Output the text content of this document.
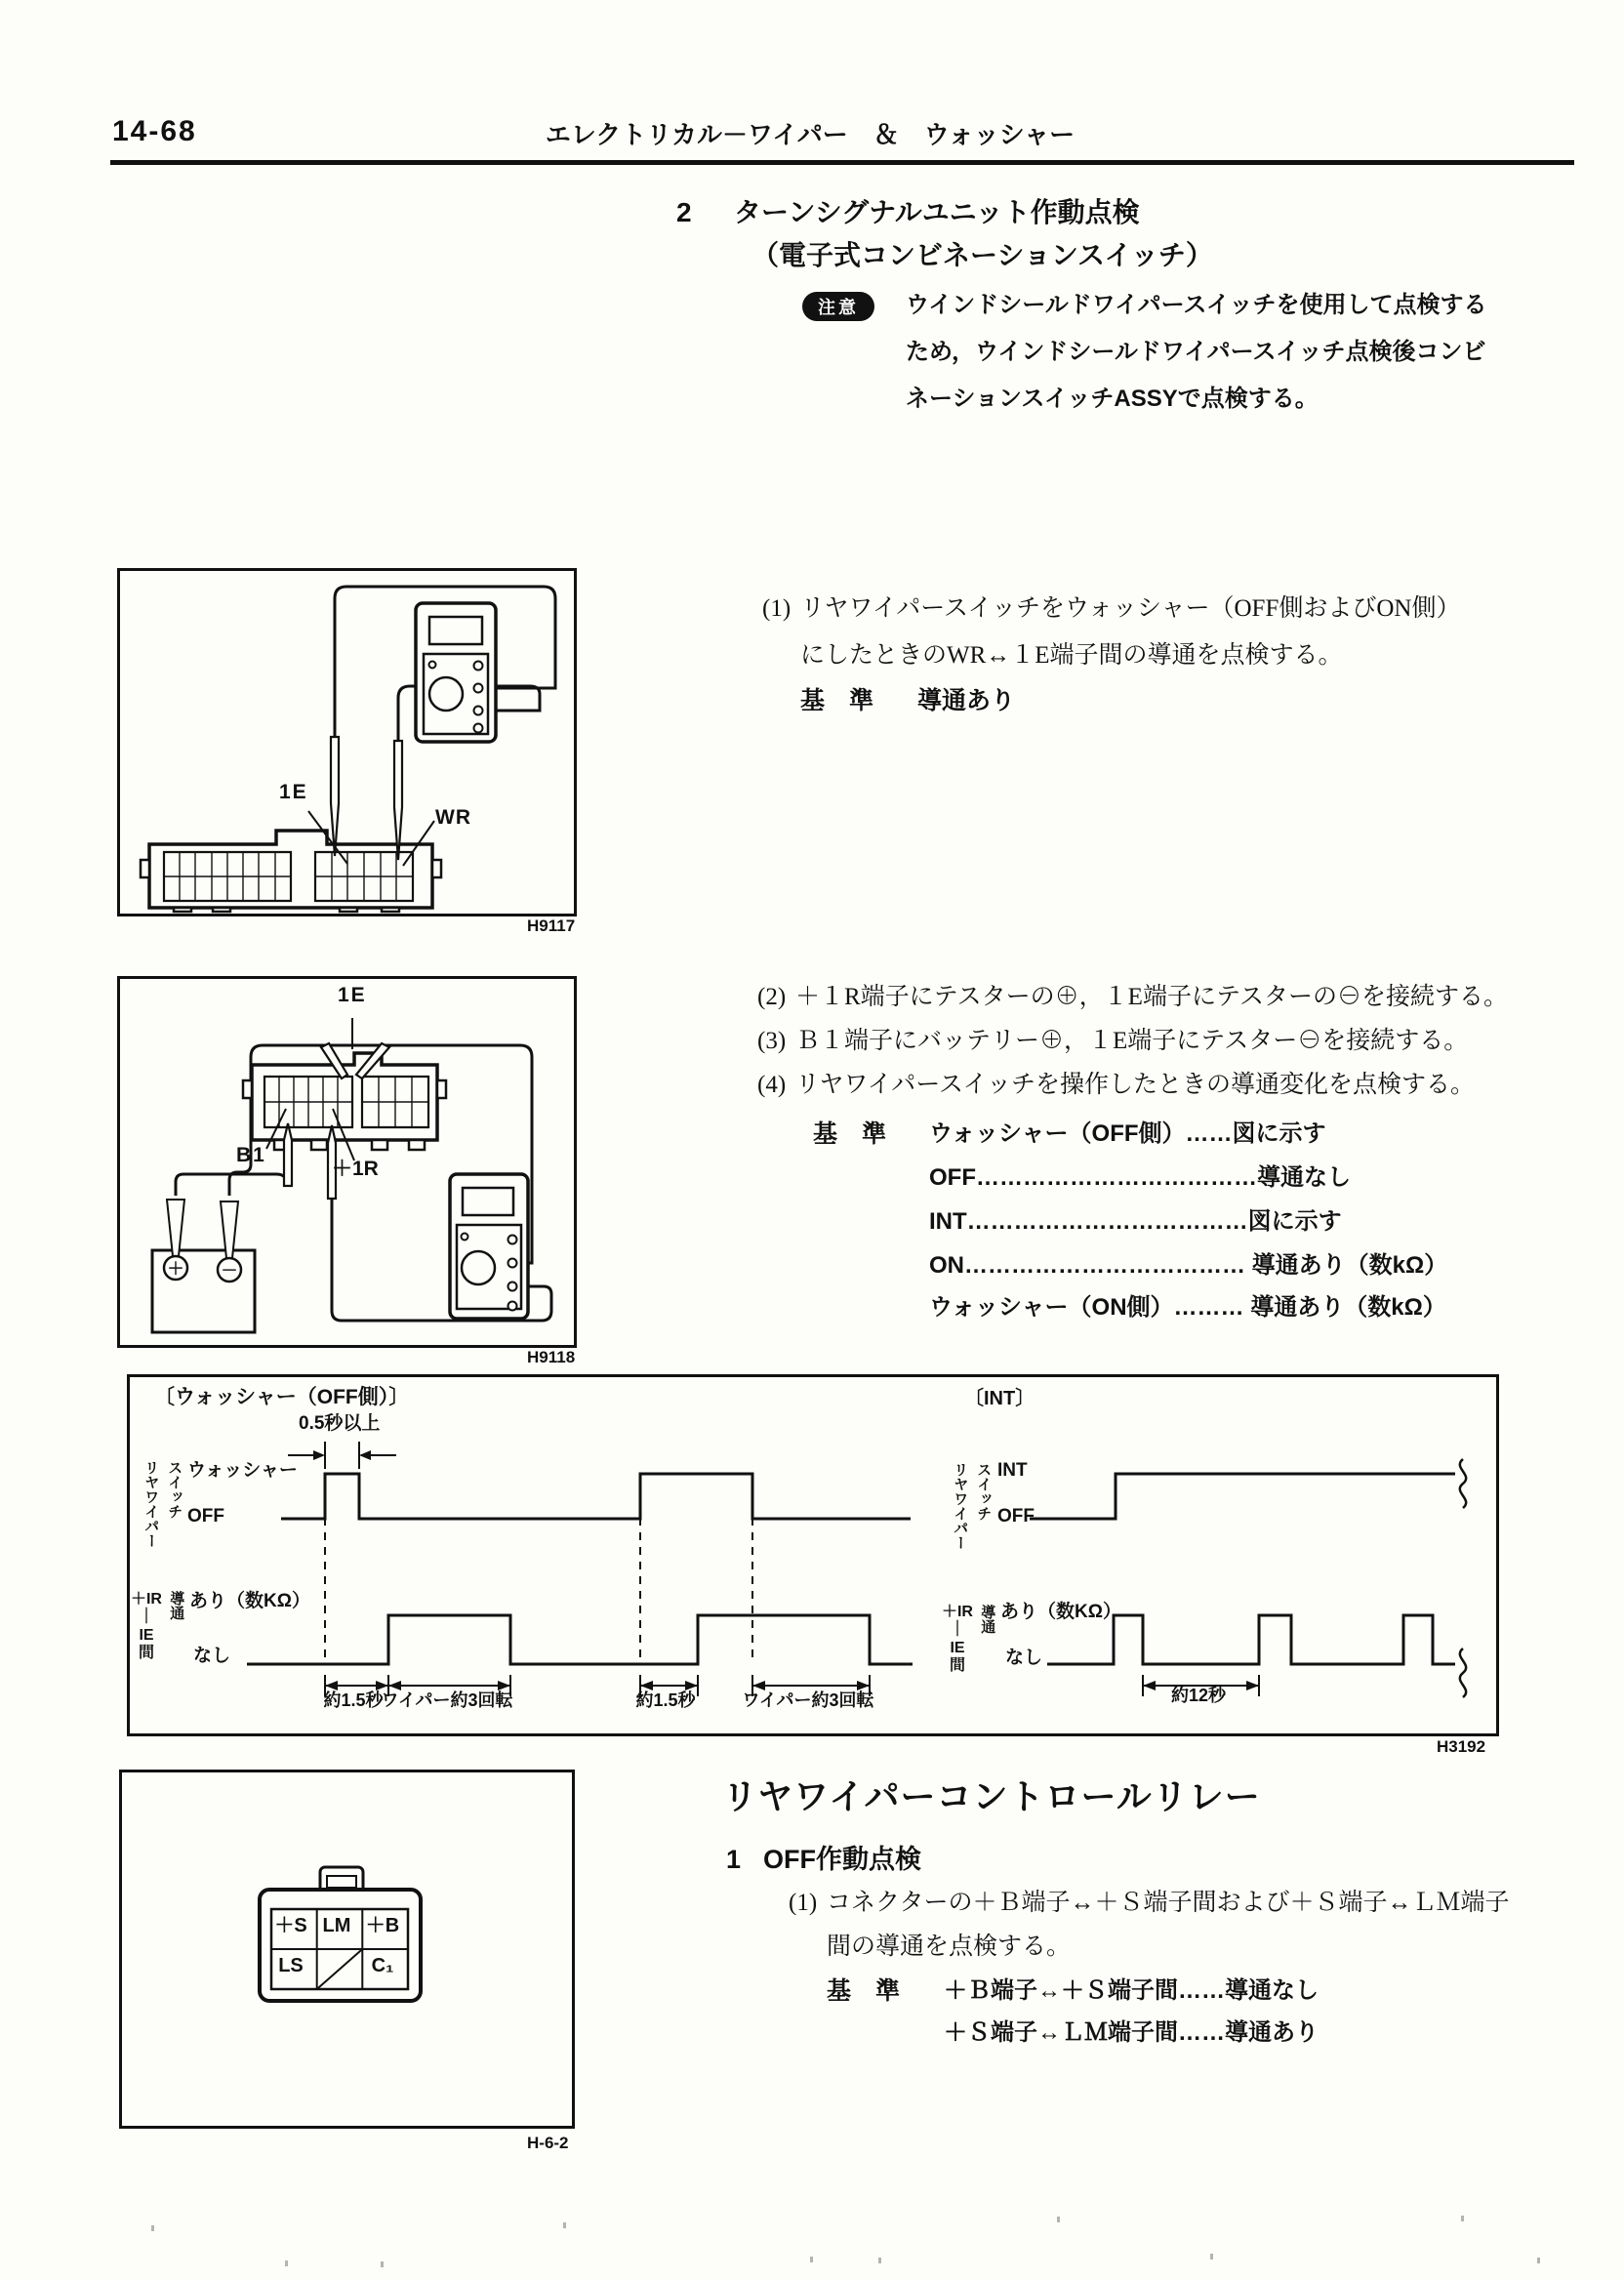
14-68	エレクトリカル－ワイパー　＆　ウォッシャー
2 ターンシグナルユニット作動点検
（電子式コンビネーションスイッチ）
注意	ウインドシールドワイパースイッチを使用して点検する
ため，ウインドシールドワイパースイッチ点検後コンビ
ネーションスイッチASSYで点検する。
(1) リヤワイパースイッチをウォッシャー（OFF側およびON側）
にしたときのWR↔１E端子間の導通を点検する。
基　準 導通あり
1E
WR
H9117
(2) ＋１R端子にテスターの⊕，１E端子にテスターの⊖を接続する。
(3) Ｂ１端子にバッテリー⊕，１E端子にテスター⊖を接続する。
(4) リヤワイパースイッチを操作したときの導通変化を点検する。
基　準 ウォッシャー（OFF側）……図に示す
OFF………………………………導通なし
INT………………………………図に示す
ON……………………………… 導通あり（数kΩ）
ウォッシャー（ON側）……… 導通あり（数kΩ）
＋ －
1E
B1
＋1R
H9118
〔ウォッシャー（OFF側）〕
0.5秒以上
リヤワイパー スイッチ ウォッシャー
OFF
＋IR
｜
IE
間
導通 あり（数KΩ）
なし
約1.5秒
ワイパー約3回転	約1.5秒	ワイパー約3回転
〔INT〕
リヤワイパー スイッチ INT
OFF
＋IR
｜
IE
間
導通 あり（数KΩ）
なし
約12秒
H3192
リヤワイパーコントロールリレー
1 OFF作動点検
(1) コネクターの＋Ｂ端子↔＋Ｓ端子間および＋Ｓ端子↔ＬＭ端子
間の導通を点検する。
基　準 ＋Ｂ端子↔＋Ｓ端子間……導通なし
＋Ｓ端子↔ＬＭ端子間……導通あり
＋S LM ＋B
LS	C₁
H-6-2
